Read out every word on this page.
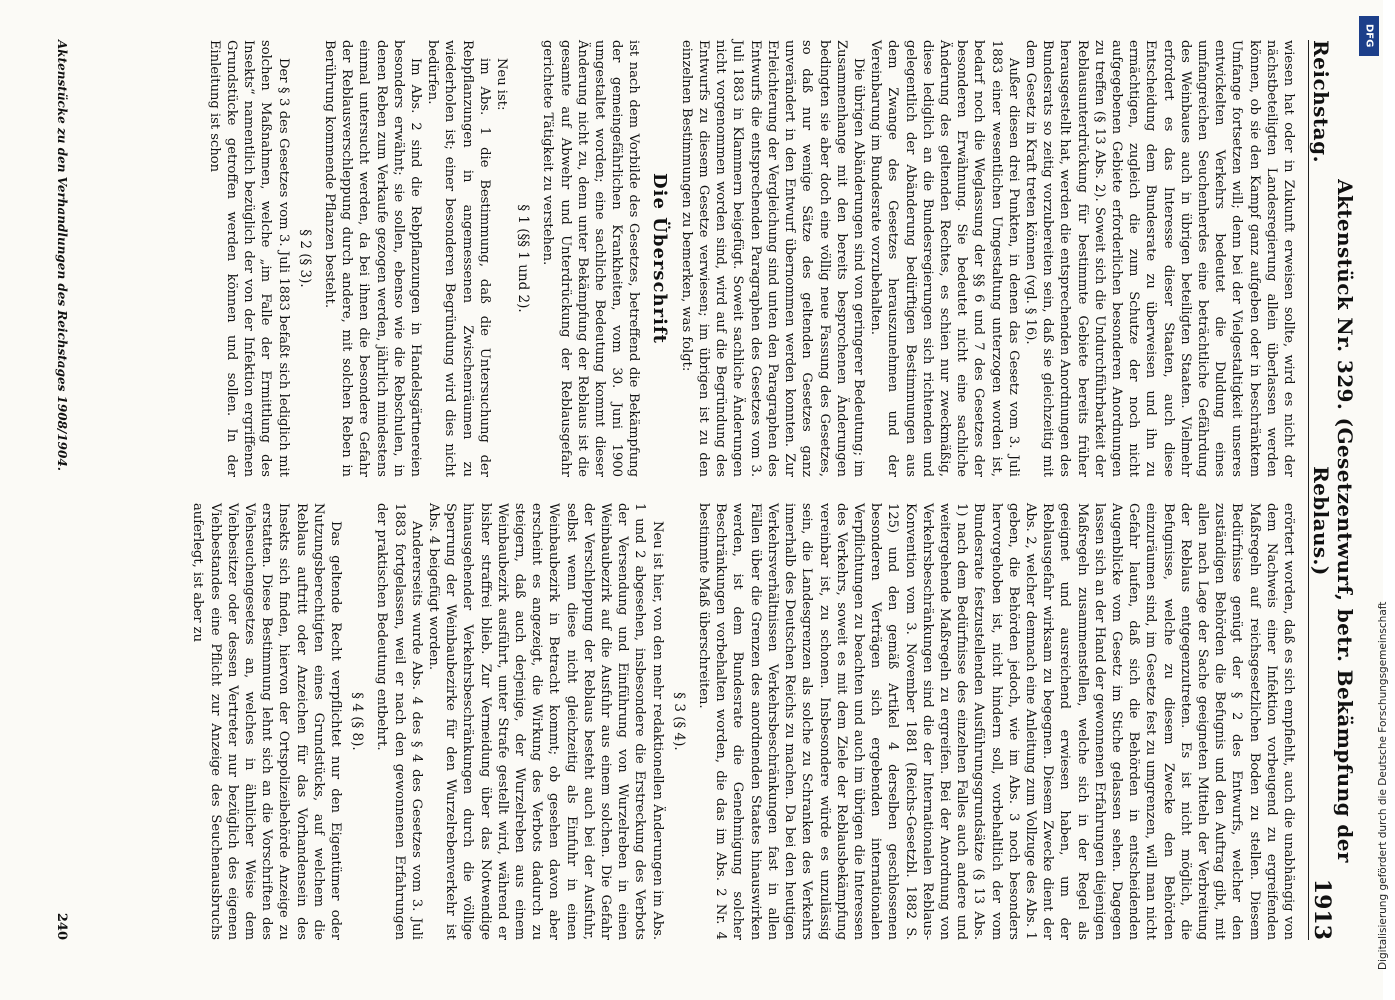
Reichstag.
Aktenstück Nr. 329. (Gesetzentwurf, betr. Bekämpfung der Reblaus.)
1913

wiesen hat oder in Zukunft erweisen sollte, wird es nicht der nächstbeteiligten Landesregierung allein überlassen werden können, ob sie den Kampf ganz aufgeben oder in beschränktem Umfange fortsetzen will; denn bei der Vielgestaltigkeit unseres entwickelten Verkehrs bedeutet die Duldung eines umfangreichen Seuchenherdes eine beträchtliche Gefährdung des Weinbaues auch in übrigen beteiligten Staaten. Vielmehr erfordert es das Interesse dieser Staaten, auch diese Entscheidung dem Bundesrate zu überweisen und ihn zu ermächtigen, zugleich die zum Schutze der noch nicht aufgegebenen Gebiete erforderlichen besonderen Anordnungen zu treffen (§ 13 Abs. 2). Soweit sich die Undurchführbarkeit der Reblausunterdrückung für bestimmte Gebiete bereits früher herausgestellt hat, werden die entsprechenden Anordnungen des Bundesrats so zeitig vorzubereiten sein, daß sie gleichzeitig mit dem Gesetz in Kraft treten können (vgl. § 16).

Außer diesen drei Punkten, in denen das Gesetz vom 3. Juli 1883 einer wesentlichen Umgestaltung unterzogen worden ist, bedarf noch die Weglassung der §§ 6 und 7 des Gesetzes der besonderen Erwähnung. Sie bedeutet nicht eine sachliche Änderung des geltenden Rechtes, es schien nur zweckmäßig, diese lediglich an die Bundesregierungen sich richtenden und gelegentlich der Abänderung bedürftigen Bestimmungen aus dem Zwange des Gesetzes herauszunehmen und der Vereinbarung im Bundesrate vorzubehalten.

Die übrigen Abänderungen sind von geringerer Bedeutung; im Zusammenhange mit den bereits besprochenen Änderungen bedingten sie aber doch eine völlig neue Fassung des Gesetzes, so daß nur wenige Sätze des geltenden Gesetzes ganz unverändert in den Entwurf übernommen werden konnten. Zur Erleichterung der Vergleichung sind unten den Paragraphen des Entwurfs die entsprechenden Paragraphen des Gesetzes vom 3. Juli 1883 in Klammern beigefügt. Soweit sachliche Änderungen nicht vorgenommen worden sind, wird auf die Begründung des Entwurfs zu diesem Gesetze verwiesen; im übrigen ist zu den einzelnen Bestimmungen zu bemerken, was folgt:

Die Überschrift

ist nach dem Vorbilde des Gesetzes, betreffend die Bekämpfung der gemeingefährlichen Krankheiten, vom 30. Juni 1900 umgestaltet worden; eine sachliche Bedeutung kommt dieser Änderung nicht zu, denn unter Bekämpfung der Reblaus ist die gesamte auf Abwehr und Unterdrückung der Reblausgefahr gerichtete Tätigkeit zu verstehen.

§ 1 (§§ 1 und 2).

Neu ist:

im Abs. 1 die Bestimmung, daß die Untersuchung der Rebpflanzungen in angemessenen Zwischenräumen zu wiederholen ist; einer besonderen Begründung wird dies nicht bedürfen.

Im Abs. 2 sind die Rebpflanzungen in Handelsgärtnereien besonders erwähnt; sie sollen, ebenso wie die Rebschulen, in denen Reben zum Verkaufe gezogen werden, jährlich mindestens einmal untersucht werden, da bei ihnen die besondere Gefahr der Reblausverschleppung durch andere, mit solchen Reben in Berührung kommende Pflanzen besteht.

§ 2 (§ 3).

Der § 3 des Gesetzes vom 3. Juli 1883 befaßt sich lediglich mit solchen Maßnahmen, welche „im Falle der Ermittlung des Insekts“ namentlich bezüglich der von der Infektion ergriffenen Grundstücke getroffen werden können und sollen. In der Einleitung ist schon

erörtert worden, daß es sich empfiehlt, auch die unabhängig von dem Nachweis einer Infektion vorbeugend zu ergreifenden Maßregeln auf reichsgesetzlichen Boden zu stellen. Diesem Bedürfnisse genügt der § 2 des Entwurfs, welcher den zuständigen Behörden die Befugnis und den Auftrag gibt, mit allen nach Lage der Sache geeigneten Mitteln der Verbreitung der Reblaus entgegenzutreten. Es ist nicht möglich, die Befugnisse, welche zu diesem Zwecke den Behörden einzuräumen sind, im Gesetze fest zu umgrenzen, will man nicht Gefahr laufen, daß sich die Behörden in entscheidenden Augenblicke vom Gesetz im Stiche gelassen sehen. Dagegen lassen sich an der Hand der gewonnenen Erfahrungen diejenigen Maßregeln zusammenstellen, welche sich in der Regel als geeignet und ausreichend erwiesen haben, um der Reblausgefahr wirksam zu begegnen. Diesem Zwecke dient der Abs. 2, welcher demnach eine Anleitung zum Vollzuge des Abs. 1 geben, die Behörden jedoch, wie im Abs. 3 noch besonders hervorgehoben ist, nicht hindern soll, vorbehaltlich der vom Bundesrate festzustellenden Ausführungsgrundsätze (§ 13 Abs. 1) nach dem Bedürfnisse des einzelnen Falles auch andere und weitergehende Maßregeln zu ergreifen. Bei der Anordnung von Verkehrsbeschränkungen sind die der Internationalen Reblaus-Konvention vom 3. November 1881 (Reichs-Gesetzbl. 1882 S. 125) und den gemäß Artikel 4 derselben geschlossenen besonderen Verträgen sich ergebenden internationalen Verpflichtungen zu beachten und auch im übrigen die Interessen des Verkehrs, soweit es mit dem Ziele der Reblausbekämpfung vereinbar ist, zu schonen. Insbesondere würde es unzulässig sein, die Landesgrenzen als solche zu Schranken des Verkehrs innerhalb des Deutschen Reichs zu machen. Da bei den heutigen Verkehrsverhältnissen Verkehrsbeschränkungen fast in allen Fällen über die Grenzen des anordnenden Staates hinauswirken werden, ist dem Bundesrate die Genehmigung solcher Beschränkungen vorbehalten worden, die das im Abs. 2 Nr. 4 bestimmte Maß überschreiten.

§ 3 (§ 4).

Neu ist hier, von den mehr redaktionellen Änderungen im Abs. 1 und 2 abgesehen, insbesondere die Erstreckung des Verbots der Versendung und Einführung von Wurzelreben in einen Weinbaubezirk auf die Ausfuhr aus einem solchen. Die Gefahr der Verschleppung der Reblaus besteht auch bei der Ausfuhr, selbst wenn diese nicht gleichzeitig als Einfuhr in einen Weinbaubezirk in Betracht kommt; ob gesehen davon aber erscheint es angezeigt, die Wirkung des Verbots dadurch zu steigern, daß auch derjenige, der Wurzelreben aus einem Weinbaubezirk ausführt, unter Strafe gestellt wird, während er bisher straffrei blieb. Zur Vermeidung über das Notwendige hinausgehender Verkehrsbeschränkungen durch die völlige Sperrung der Weinbaubezirke für den Wurzelrebenverkehr ist Abs. 4 beigefügt worden.

Andererseits wurde Abs. 4 des § 4 des Gesetzes vom 3. Juli 1883 fortgelassen, weil er nach den gewonnenen Erfahrungen der praktischen Bedeutung entbehrt.

§ 4 (§ 8).

Das geltende Recht verpflichtet nur den Eigentümer oder Nutzungsberechtigten eines Grundstücks, auf welchem die Reblaus auftritt oder Anzeichen für das Vorhandensein des Insekts sich finden, hiervon der Ortspolizeibehörde Anzeige zu erstatten. Diese Bestimmung lehnt sich an die Vorschriften des Viehseuchengesetzes an, welches in ähnlicher Weise dem Viehbesitzer oder dessen Vertreter nur bezüglich des eigenen Viehbestandes eine Pflicht zur Anzeige des Seuchenausbruchs auferlegt, ist aber zu

Aktenstücke zu den Verhandlungen des Reichstages 1908/1904.
240	Digitalisierung gefördert durch die Deutsche Forschungsgemeinschaft
DFG
